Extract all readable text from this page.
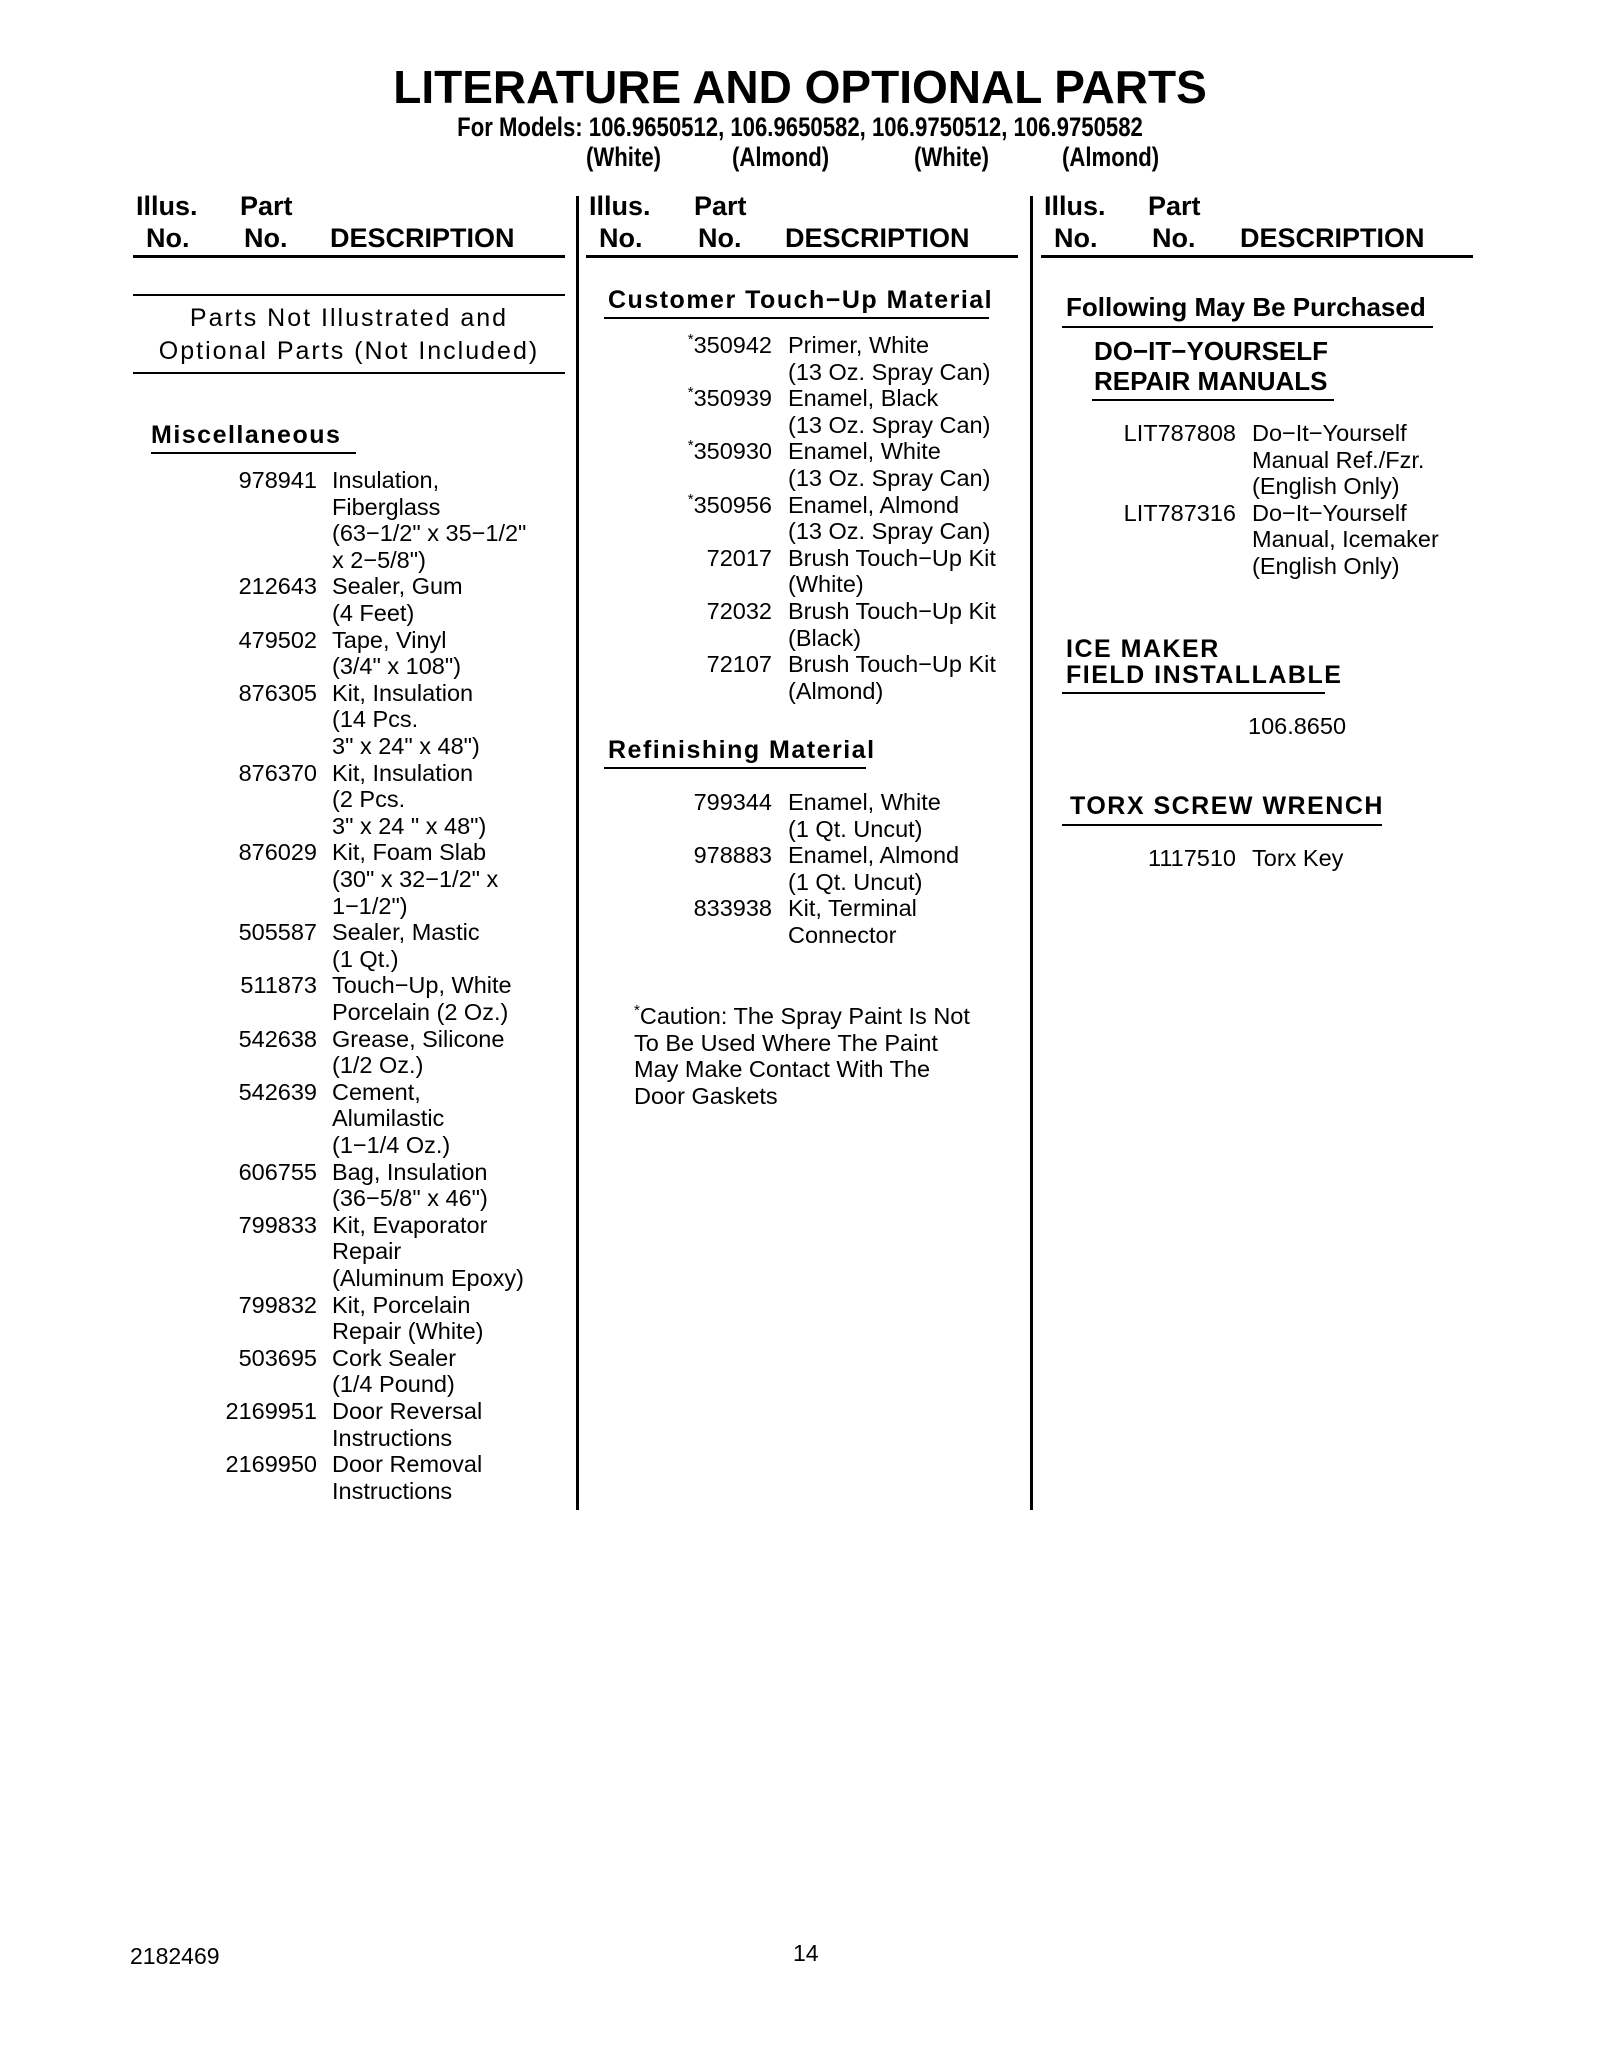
LITERATURE AND OPTIONAL PARTS
For Models: 106.9650512, 106.9650582, 106.9750512, 106.9750582
(White)	(Almond)	(White)	(Almond)
Illus.
No.
Part
No. DESCRIPTION
Illus.
No.
Part
No. DESCRIPTION
Illus.
No.
Part
No. DESCRIPTION
Parts Not Illustrated and
Optional Parts (Not Included)
Miscellaneous
978941 Insulation,
Fiberglass
(63−1/2" x 35−1/2"
x 2−5/8")
212643 Sealer, Gum
(4 Feet)
479502 Tape, Vinyl
(3/4" x 108")
876305 Kit, Insulation
(14 Pcs.
3" x 24" x 48")
876370 Kit, Insulation
(2 Pcs.
3" x 24 " x 48")
876029 Kit, Foam Slab
(30" x 32−1/2" x
1−1/2")
505587 Sealer, Mastic
(1 Qt.)
511873 Touch−Up, White
Porcelain (2 Oz.)
542638 Grease, Silicone
(1/2 Oz.)
542639 Cement,
Alumilastic
(1−1/4 Oz.)
606755 Bag, Insulation
(36−5/8" x 46")
799833 Kit, Evaporator
Repair
(Aluminum Epoxy)
799832 Kit, Porcelain
Repair (White)
503695 Cork Sealer
(1/4 Pound)
2169951 Door Reversal
Instructions
2169950 Door Removal
Instructions
Customer Touch−Up Material
*350942 Primer, White
(13 Oz. Spray Can)
*350939 Enamel, Black
(13 Oz. Spray Can)
*350930 Enamel, White
(13 Oz. Spray Can)
*350956 Enamel, Almond
(13 Oz. Spray Can)
72017 Brush Touch−Up Kit
(White)
72032 Brush Touch−Up Kit
(Black)
72107 Brush Touch−Up Kit
(Almond)
Refinishing Material
799344 Enamel, White
(1 Qt. Uncut)
978883 Enamel, Almond
(1 Qt. Uncut)
833938 Kit, Terminal
Connector
*Caution: The Spray Paint Is Not
To Be Used Where The Paint
May Make Contact With The
Door Gaskets
Following May Be Purchased
DO−IT−YOURSELF
REPAIR MANUALS
LIT787808 Do−It−Yourself
Manual Ref./Fzr.
(English Only)
LIT787316 Do−It−Yourself
Manual, Icemaker
(English Only)
ICE MAKER
FIELD INSTALLABLE
106.8650
TORX SCREW WRENCH
1117510 Torx Key
2182469	14
